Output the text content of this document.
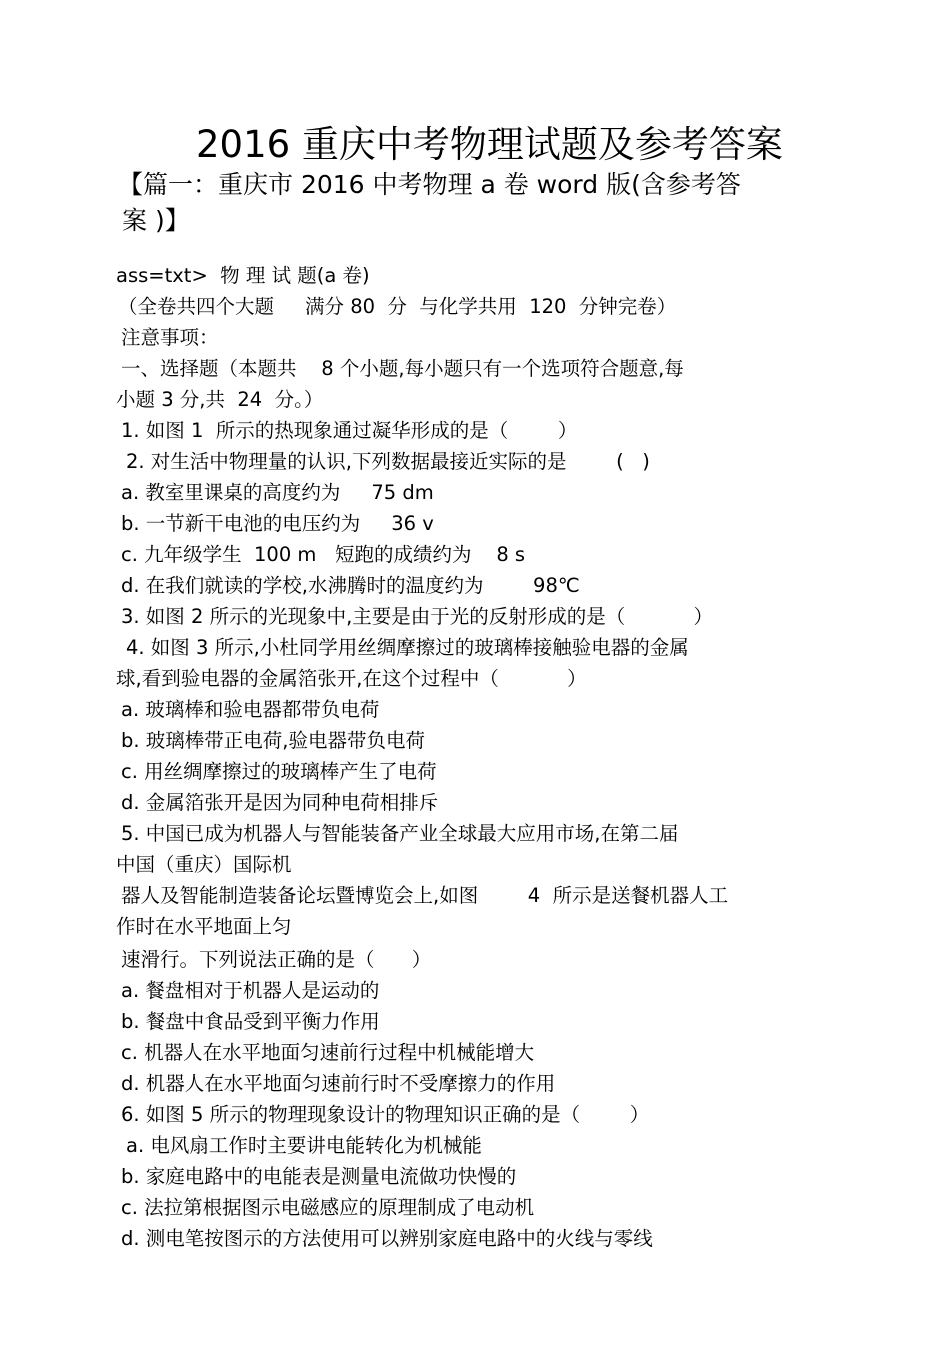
2016 重庆中考物理试题及参考答案
【篇一：重庆市 2016 中考物理 a 卷 word 版(含参考答
案 )】
ass=txt>  物 理 试 题(a 卷)
（全卷共四个大题     满分 80  分  与化学共用  120  分钟完卷）
注意事项：
一、选择题（本题共    8 个小题,每小题只有一个选项符合题意,每
小题 3 分,共  24  分。）
1. 如图 1  所示的热现象通过凝华形成的是（        ）
2. 对生活中物理量的认识,下列数据最接近实际的是        (   )
a. 教室里课桌的高度约为     75 dm
b. 一节新干电池的电压约为     36 v
c. 九年级学生  100 m   短跑的成绩约为    8 s
d. 在我们就读的学校,水沸腾时的温度约为        98℃
3. 如图 2 所示的光现象中,主要是由于光的反射形成的是（           ）
4. 如图 3 所示,小杜同学用丝绸摩擦过的玻璃棒接触验电器的金属
球,看到验电器的金属箔张开,在这个过程中（           ）
a. 玻璃棒和验电器都带负电荷
b. 玻璃棒带正电荷,验电器带负电荷
c. 用丝绸摩擦过的玻璃棒产生了电荷
d. 金属箔张开是因为同种电荷相排斥
5. 中国已成为机器人与智能装备产业全球最大应用市场,在第二届
中国（重庆）国际机
器人及智能制造装备论坛暨博览会上,如图        4  所示是送餐机器人工
作时在水平地面上匀
速滑行。下列说法正确的是（      ）
a. 餐盘相对于机器人是运动的
b. 餐盘中食品受到平衡力作用
c. 机器人在水平地面匀速前行过程中机械能增大
d. 机器人在水平地面匀速前行时不受摩擦力的作用
6. 如图 5 所示的物理现象设计的物理知识正确的是（        ）
a. 电风扇工作时主要讲电能转化为机械能
b. 家庭电路中的电能表是测量电流做功快慢的
c. 法拉第根据图示电磁感应的原理制成了电动机
d. 测电笔按图示的方法使用可以辨别家庭电路中的火线与零线
